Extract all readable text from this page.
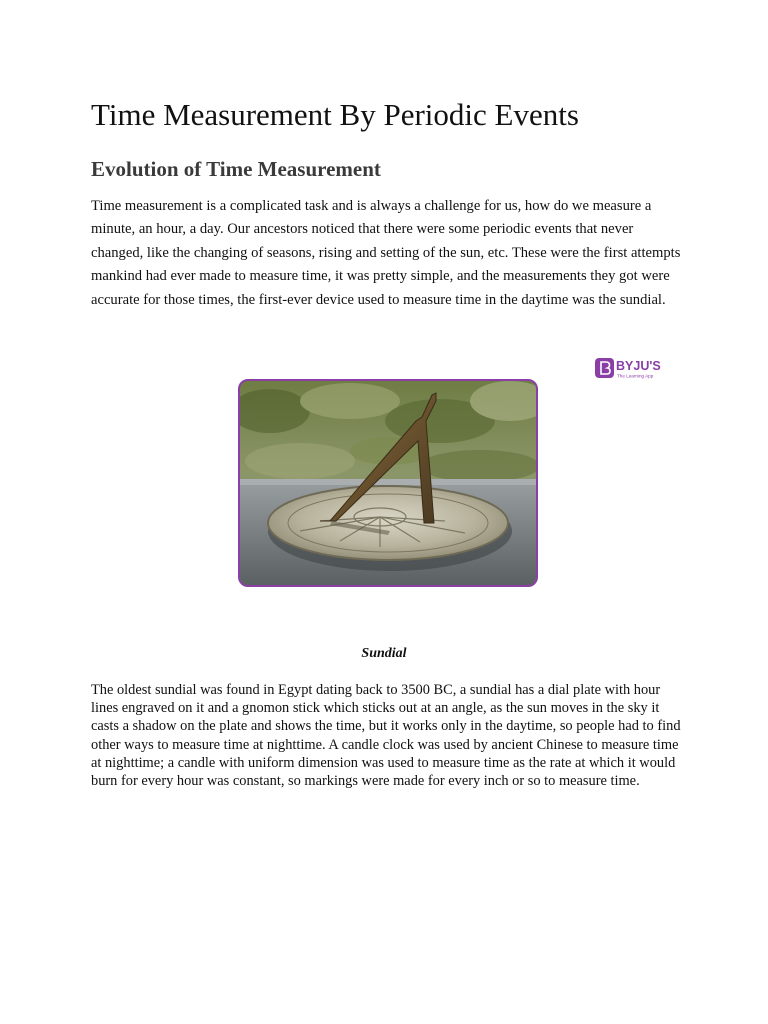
Time Measurement By Periodic Events
Evolution of Time Measurement

Time measurement is a complicated task and is always a challenge for us, how do we measure a minute, an hour, a day. Our ancestors noticed that there were some periodic events that never changed, like the changing of seasons, rising and setting of the sun, etc. These were the first attempts mankind had ever made to measure time, it was pretty simple, and the measurements they got were accurate for those times, the first-ever device used to measure time in the daytime was the sundial.

BYJU'S
The Learning App

Sundial

The oldest sundial was found in Egypt dating back to 3500 BC, a sundial has a dial plate with hour lines engraved on it and a gnomon stick which sticks out at an angle, as the sun moves in the sky it casts a shadow on the plate and shows the time, but it works only in the daytime, so people had to find other ways to measure time at nighttime. A candle clock was used by ancient Chinese to measure time at nighttime; a candle with uniform dimension was used to measure time as the rate at which it would burn for every hour was constant, so markings were made for every inch or so to measure time.
